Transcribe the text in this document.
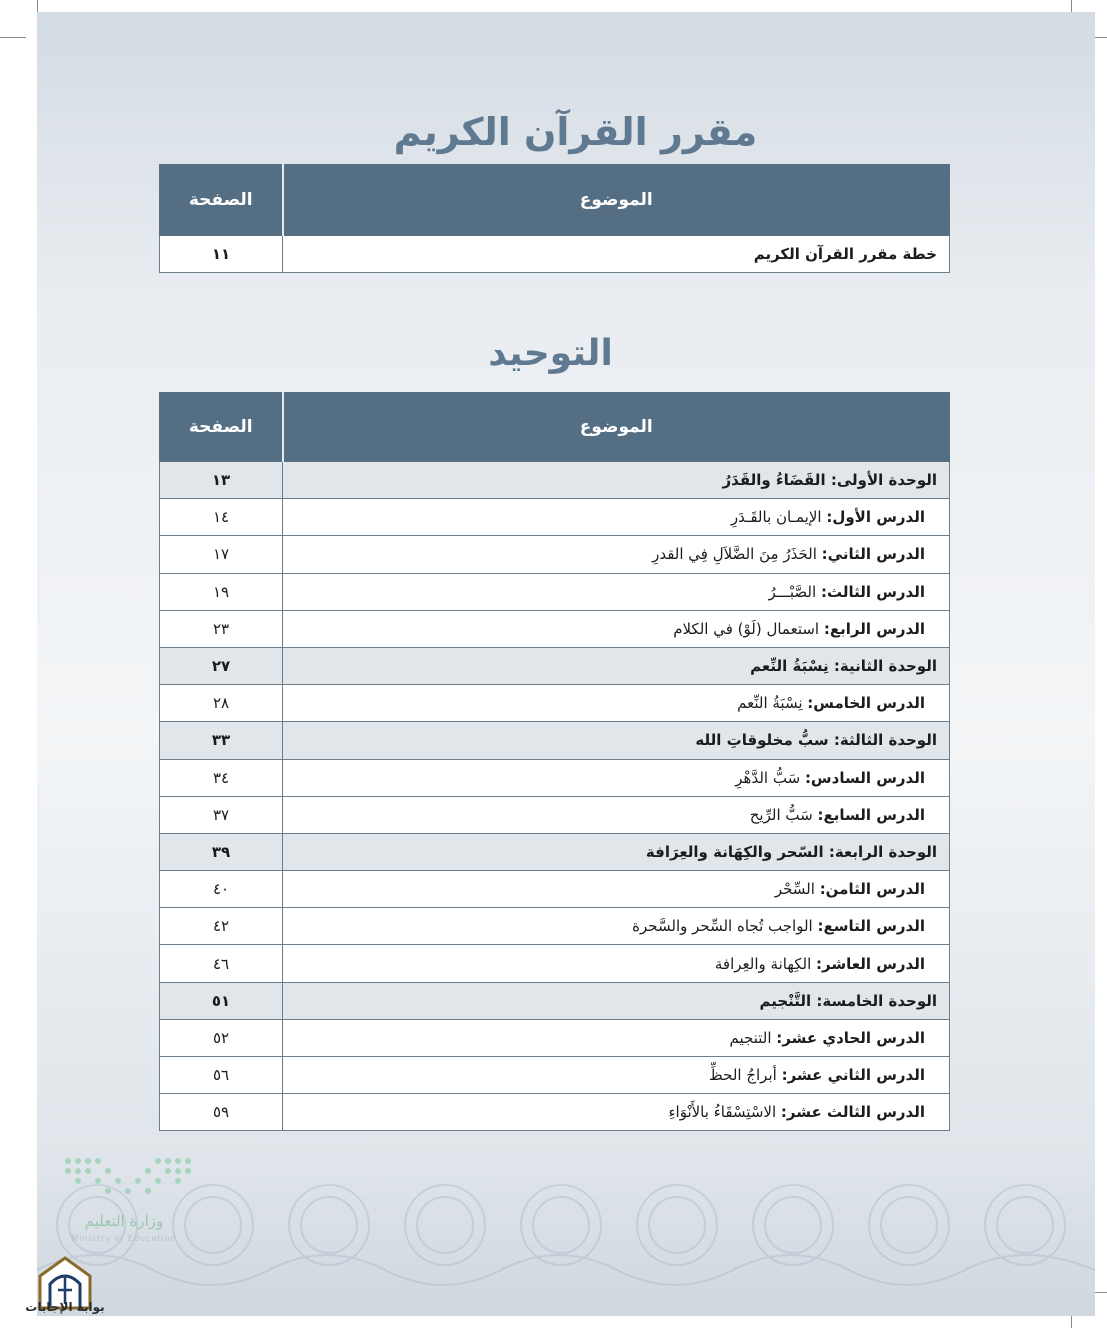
وزارة التعليم
Ministry of Education
بوابة الإجابات
مقرر القرآن الكريم
الموضوع	الصفحة
خطة مقرر القرآن الكريم	١١
التوحيد
الموضوع	الصفحة
الوحدة الأولى: القَضَاءُ والقَدَرُ	١٣
الدرس الأول: الإيمـان بالقَـدَرِ	١٤
الدرس الثاني: الحَذَرُ مِنَ الضَّلاَلِ فِي القدرِ	١٧
الدرس الثالث: الصَّبْـــرُ	١٩
الدرس الرابع: استعمال (لَوْ) في الكلام	٢٣
الوحدة الثانية: نِسْبَةُ النِّعم	٢٧
الدرس الخامس: نِسْبَةُ النِّعم	٢٨
الوحدة الثالثة: سبُّ مخلوقاتِ الله	٣٣
الدرس السادس: سَبُّ الدَّهْرِ	٣٤
الدرس السابع: سَبُّ الرِّيح	٣٧
الوحدة الرابعة: السّحر والكِهَانة والعِرَافة	٣٩
الدرس الثامن: السِّحْر	٤٠
الدرس التاسع: الواجب تُجاه السِّحر والسَّحرة	٤٢
الدرس العاشر: الكِهانة والعِرافة	٤٦
الوحدة الخامسة: التَّنْجيم	٥١
الدرس الحادي عشر: التنجيم	٥٢
الدرس الثاني عشر: أبراجُ الحظِّ	٥٦
الدرس الثالث عشر: الاسْتِسْقَاءُ بالأَنْوَاءِ	٥٩
